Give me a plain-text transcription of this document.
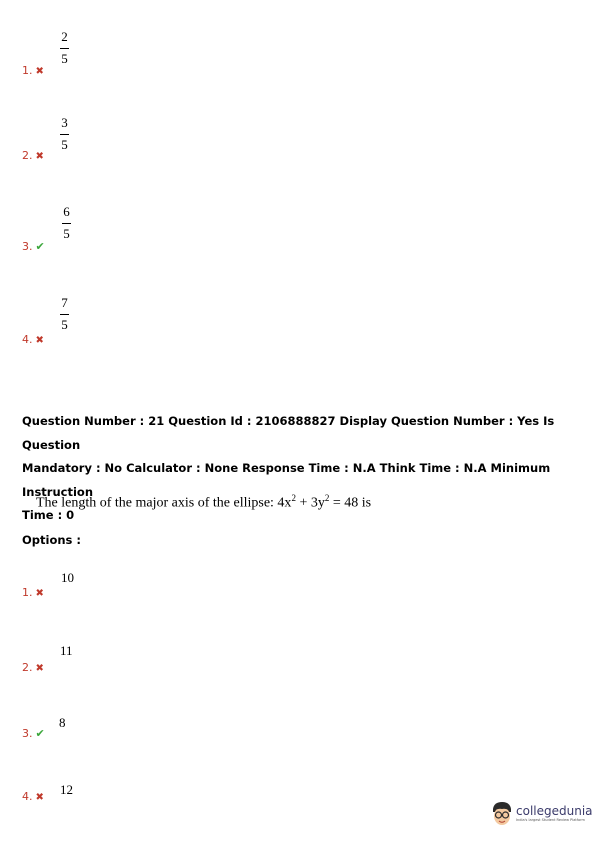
1. ✖
2
5
2. ✖
3
5
3. ✔
6
5
4. ✖
7
5
Question Number : 21 Question Id : 2106888827 Display Question Number : Yes Is Question
Mandatory : No Calculator : None Response Time : N.A Think Time : N.A Minimum Instruction
Time : 0
The length of the major axis of the ellipse: $4x^2 + 3y^2 = 48$ is
Options :
1. ✖
10
2. ✖
11
3. ✔
8
4. ✖
12
collegedunia
India's largest Student Review Platform
